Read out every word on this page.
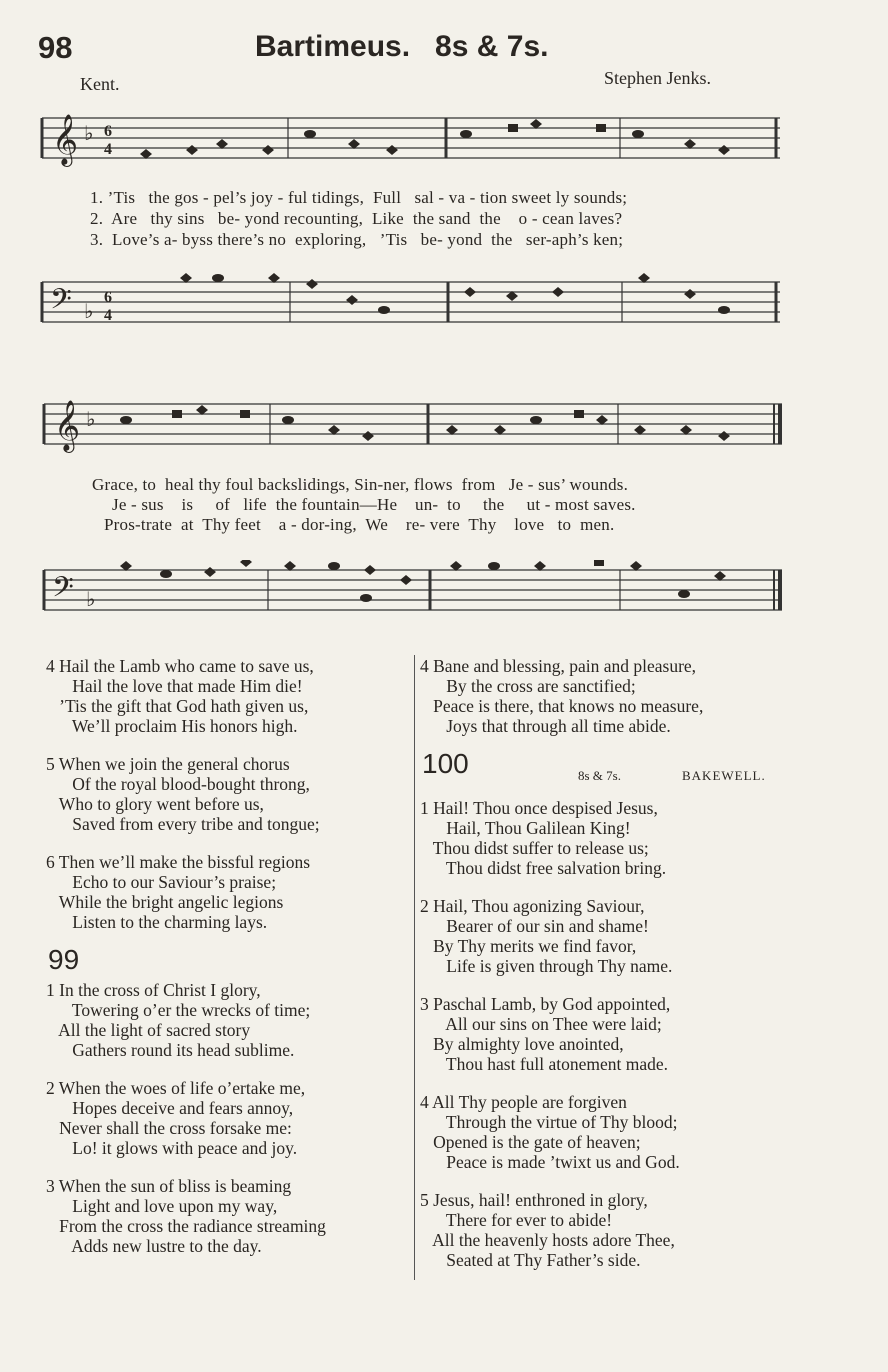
98	Bartimeus.   8s & 7s.
Kent.	Stephen Jenks.
𝄞 ♭ 6
4
1. ’Tis   the gos - pel’s joy - ful tidings,  Full   sal - va - tion sweet ly sounds;
2.  Are   thy sins   be- yond recounting,  Like  the sand  the    o - cean laves?
3.  Love’s a- byss there’s no  exploring,   ’Tis   be- yond  the   ser-aph’s ken;
𝄢 ♭
6
4
𝄞 ♭
Grace, to  heal thy foul backslidings, Sin-ner, flows  from   Je - sus’ wounds.
Je - sus    is     of   life  the fountain—He    un-  to     the     ut - most saves.
Pros-trate  at  Thy feet    a - dor-ing,  We    re- vere  Thy    love   to  men.
𝄢 ♭

4 Hail the Lamb who came to save us,

Hail the love that made Him die!

’Tis the gift that God hath given us,

We’ll proclaim His honors high.

5 When we join the general chorus

Of the royal blood-bought throng,

Who to glory went before us,

Saved from every tribe and tongue;

6 Then we’ll make the bissful regions

Echo to our Saviour’s praise;

While the bright angelic legions

Listen to the charming lays.

99

1 In the cross of Christ I glory,

Towering o’er the wrecks of time;

All the light of sacred story

Gathers round its head sublime.

2 When the woes of life o’ertake me,

Hopes deceive and fears annoy,

Never shall the cross forsake me:

Lo! it glows with peace and joy.

3 When the sun of bliss is beaming

Light and love upon my way,

From the cross the radiance streaming

Adds new lustre to the day.

4 Bane and blessing, pain and pleasure,

By the cross are sanctified;

Peace is there, that knows no measure,

Joys that through all time abide.

100	8s & 7s.	BAKEWELL.

1 Hail! Thou once despised Jesus,

Hail, Thou Galilean King!

Thou didst suffer to release us;

Thou didst free salvation bring.

2 Hail, Thou agonizing Saviour,

Bearer of our sin and shame!

By Thy merits we find favor,

Life is given through Thy name.

3 Paschal Lamb, by God appointed,

All our sins on Thee were laid;

By almighty love anointed,

Thou hast full atonement made.

4 All Thy people are forgiven

Through the virtue of Thy blood;

Opened is the gate of heaven;

Peace is made ’twixt us and God.

5 Jesus, hail! enthroned in glory,

There for ever to abide!

All the heavenly hosts adore Thee,

Seated at Thy Father’s side.
